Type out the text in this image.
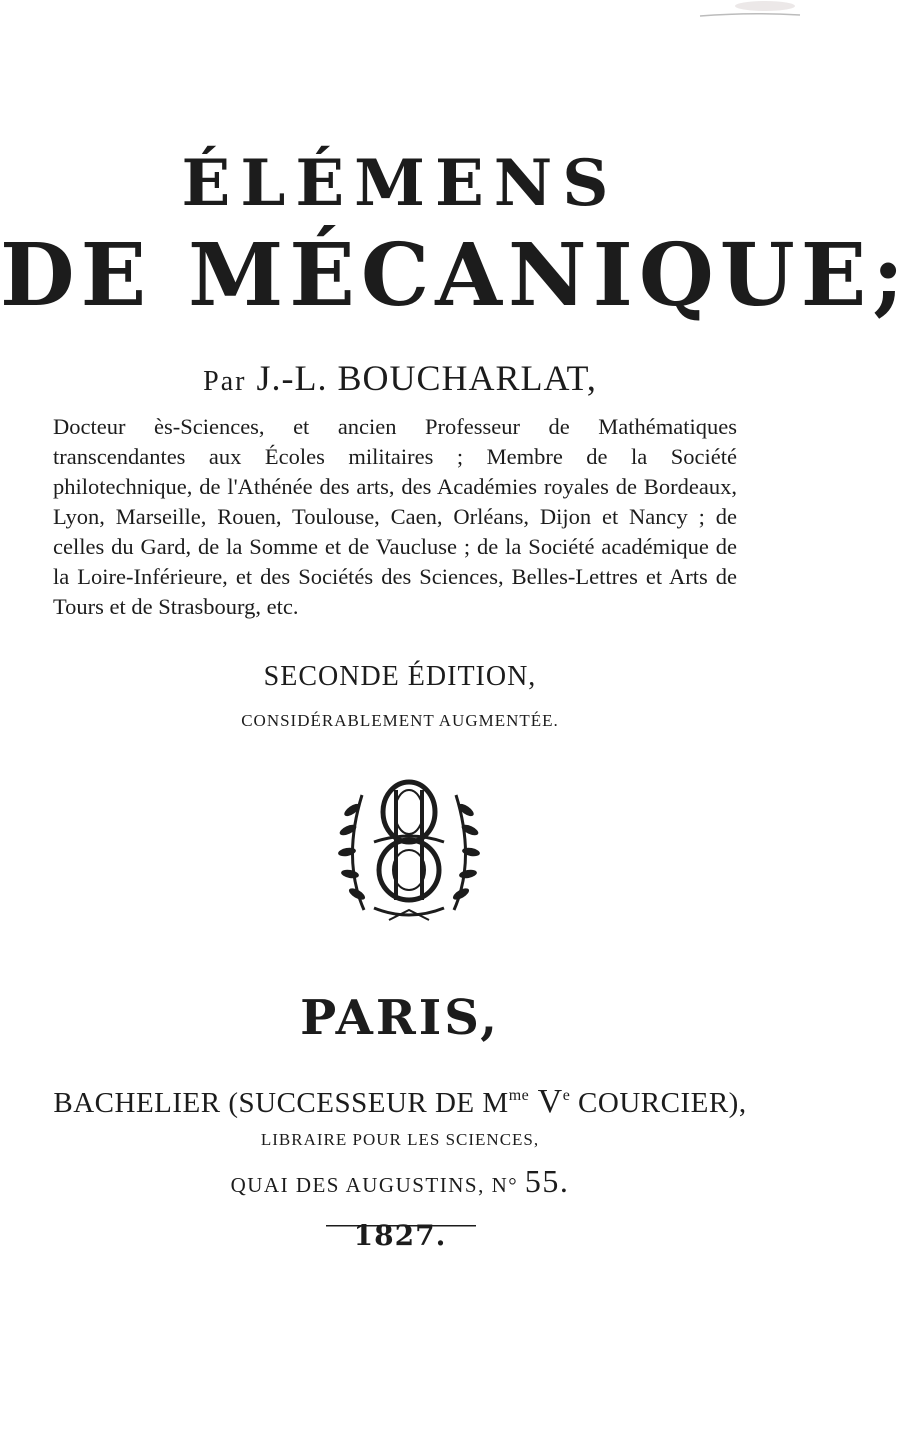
ÉLÉMENS
DE MÉCANIQUE;
Par J.-L. BOUCHARLAT,
Docteur ès-Sciences, et ancien Professeur de Mathématiques transcendantes aux Écoles militaires ; Membre de la Société philotechnique, de l'Athénée des arts, des Académies royales de Bordeaux, Lyon, Marseille, Rouen, Toulouse, Caen, Orléans, Dijon et Nancy ; de celles du Gard, de la Somme et de Vaucluse ; de la Société académique de la Loire-Inférieure, et des Sociétés des Sciences, Belles-Lettres et Arts de Tours et de Strasbourg, etc.
SECONDE ÉDITION,
CONSIDÉRABLEMENT AUGMENTÉE.
PARIS,
BACHELIER (SUCCESSEUR DE $M^{me}$ Ve COURCIER),
LIBRAIRE POUR LES SCIENCES,
QUAI DES AUGUSTINS, N° 55.
1827.
